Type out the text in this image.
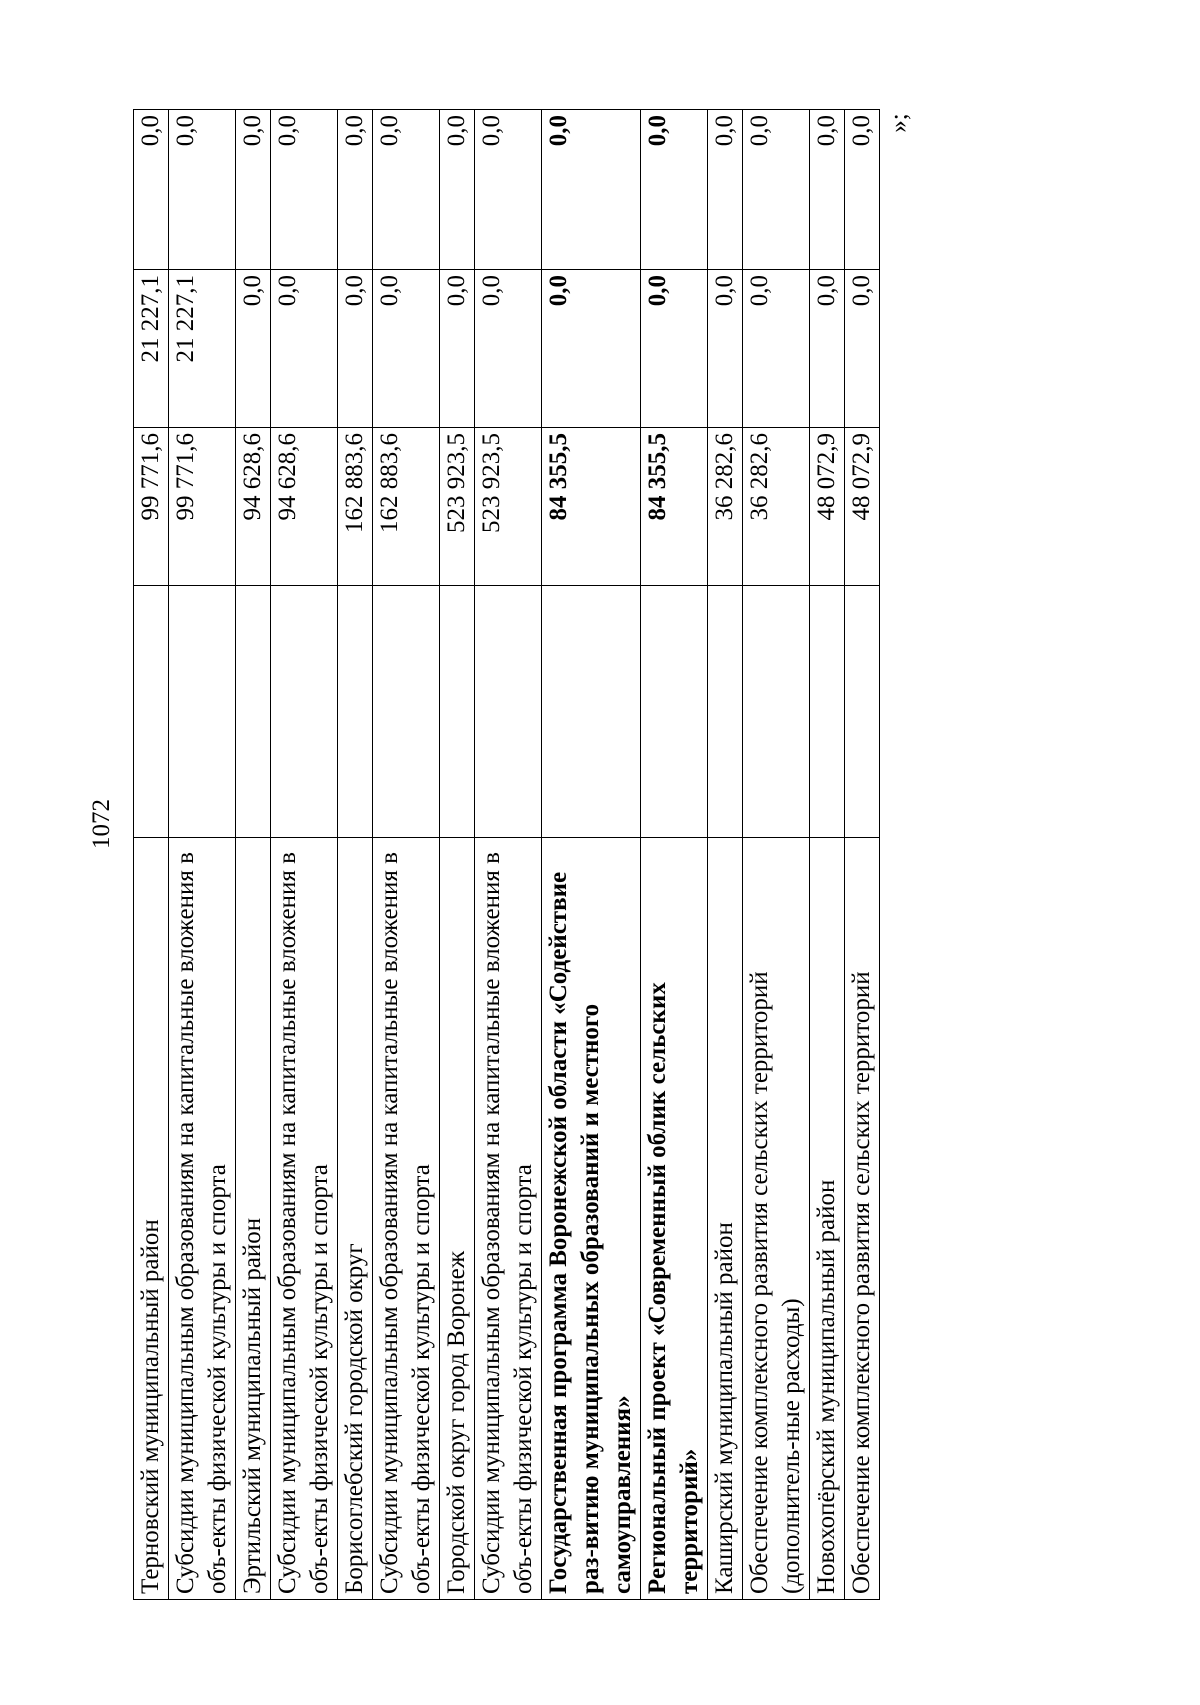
1072
Терновский муниципальный район		99 771,6	21 227,1	0,0
Субсидии муниципальным образованиям на капитальные вложения в объ-екты физической культуры и спорта		99 771,6	21 227,1	0,0
Эртильский муниципальный район		94 628,6	0,0	0,0
Субсидии муниципальным образованиям на капитальные вложения в объ-екты физической культуры и спорта		94 628,6	0,0	0,0
Борисоглебский городской округ		162 883,6	0,0	0,0
Субсидии муниципальным образованиям на капитальные вложения в объ-екты физической культуры и спорта		162 883,6	0,0	0,0
Городской округ город Воронеж		523 923,5	0,0	0,0
Субсидии муниципальным образованиям на капитальные вложения в объ-екты физической культуры и спорта		523 923,5	0,0	0,0
Государственная программа Воронежской области «Содействие раз-витию муниципальных образований и местного самоуправления»		84 355,5	0,0	0,0
Региональный проект «Современный облик сельских территорий»		84 355,5	0,0	0,0
Каширский муниципальный район		36 282,6	0,0	0,0
Обеспечение комплексного развития сельских территорий (дополнитель-ные расходы)		36 282,6	0,0	0,0
Новохопёрский муниципальный район		48 072,9	0,0	0,0
Обеспечение комплексного развития сельских территорий		48 072,9	0,0	0,0 »;
